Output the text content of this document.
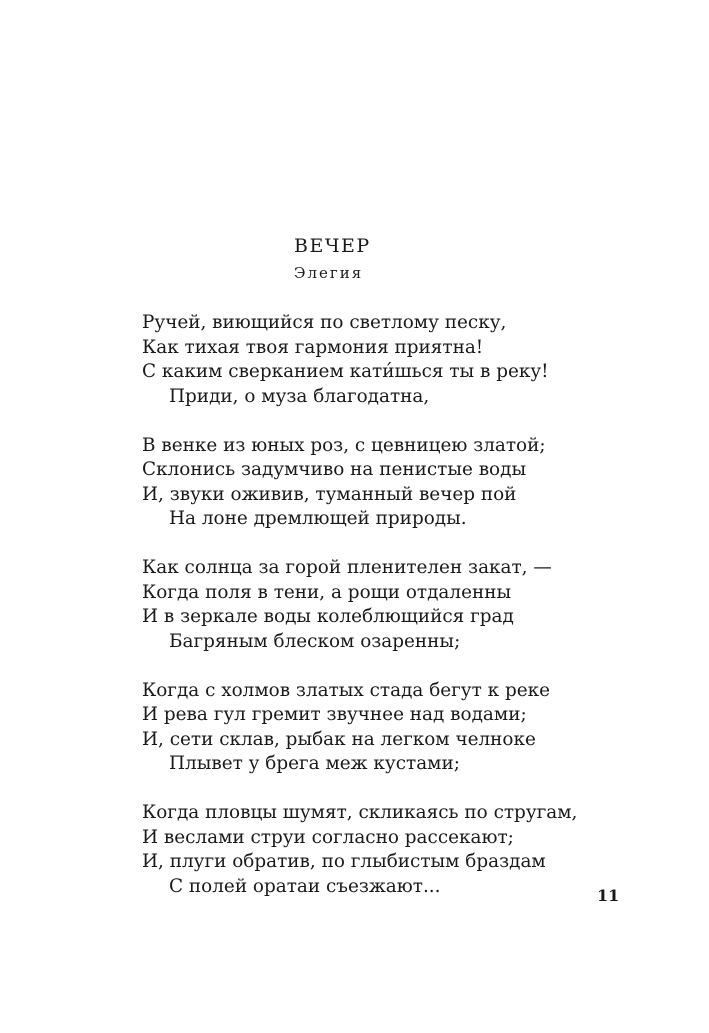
ВЕЧЕР
Элегия
Ручей, виющийся по светлому песку,
Как тихая твоя гармония приятна!
С каким сверканием кати́шься ты в реку!
Приди, о муза благодатна,
В венке из юных роз, с цевницею златой;
Склонись задумчиво на пенистые воды
И, звуки оживив, туманный вечер пой
На лоне дремлющей природы.
Как солнца за горой пленителен закат, —
Когда поля в тени, а рощи отдаленны
И в зеркале воды колеблющийся град
Багряным блеском озаренны;
Когда с холмов златых стада бегут к реке
И рева гул гремит звучнее над водами;
И, сети склав, рыбак на легком челноке
Плывет у брега меж кустами;
Когда пловцы шумят, скликаясь по стругам,
И веслами струи согласно рассекают;
И, плуги обратив, по глыбистым браздам
С полей оратаи съезжают...	11
